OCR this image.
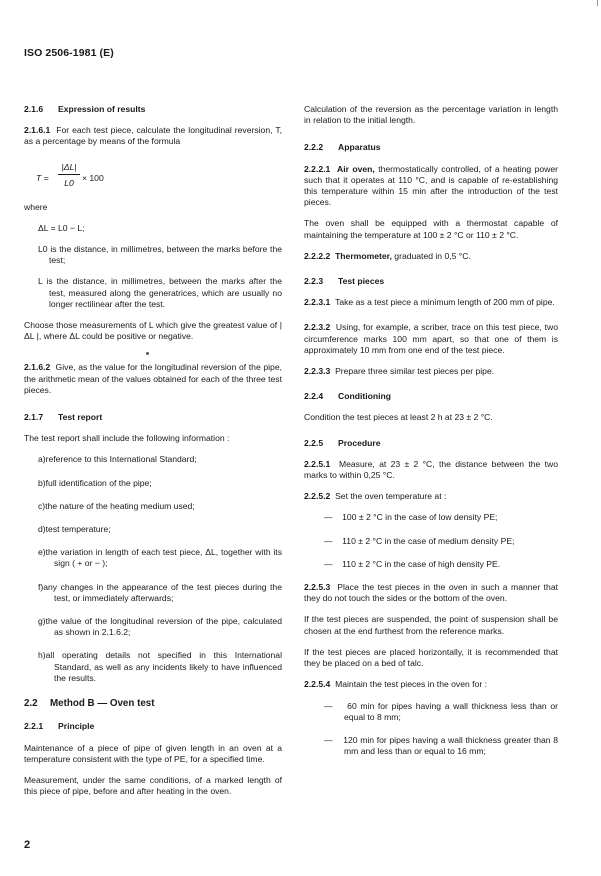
ISO 2506-1981 (E)
2.1.6 Expression of results

2.1.6.1 For each test piece, calculate the longitudinal reversion, T, as a percentage by means of the formula

$T = \frac{|\Delta L|}{L0} \times 100$

where

ΔL = L0 − L;

L0 is the distance, in millimetres, between the marks before the test;

L is the distance, in millimetres, between the marks after the test, measured along the generatrices, which are usually no longer rectilinear after the test.

Choose those measurements of L which give the greatest value of | ΔL |, where ΔL could be positive or negative.

2.1.6.2 Give, as the value for the longitudinal reversion of the pipe, the arithmetic mean of the values obtained for each of the three test pieces.

2.1.7 Test report

The test report shall include the following information :

a)reference to this International Standard;
b)full identification of the pipe;
c)the nature of the heating medium used;
d)test temperature;
e)the variation in length of each test piece, ΔL, together with its sign ( + or − );
f)any changes in the appearance of the test pieces during the test, or immediately afterwards;
g)the value of the longitudinal reversion of the pipe, calculated as shown in 2.1.6.2;
h)all operating details not specified in this International Standard, as well as any incidents likely to have influenced the results.
2.2 Method B — Oven test
2.2.1 Principle

Maintenance of a piece of pipe of given length in an oven at a temperature consistent with the type of PE, for a specified time.

Measurement, under the same conditions, of a marked length of this piece of pipe, before and after heating in the oven.

Calculation of the reversion as the percentage variation in length in relation to the initial length.

2.2.2 Apparatus

2.2.2.1 Air oven, thermostatically controlled, of a heating power such that it operates at 110 °C, and is capable of re-establishing this temperature within 15 min after the introduction of the test pieces.

The oven shall be equipped with a thermostat capable of maintaining the temperature at 100 ± 2 °C or 110 ± 2 °C.

2.2.2.2 Thermometer, graduated in 0,5 °C.

2.2.3 Test pieces

2.2.3.1 Take as a test piece a minimum length of 200 mm of pipe.

2.2.3.2 Using, for example, a scriber, trace on this test piece, two circumference marks 100 mm apart, so that one of them is approximately 10 mm from one end of the test piece.

2.2.3.3 Prepare three similar test pieces per pipe.

2.2.4 Conditioning

Condition the test pieces at least 2 h at 23 ± 2 °C.

2.2.5 Procedure

2.2.5.1 Measure, at 23 ± 2 °C, the distance between the two marks to within 0,25 °C.

2.2.5.2 Set the oven temperature at :

— 100 ± 2 °C in the case of low density PE;
— 110 ± 2 °C in the case of medium density PE;
— 110 ± 2 °C in the case of high density PE.

2.2.5.3 Place the test pieces in the oven in such a manner that they do not touch the sides or the bottom of the oven.

If the test pieces are suspended, the point of suspension shall be chosen at the end furthest from the reference marks.

If the test pieces are placed horizontally, it is recommended that they be placed on a bed of talc.

2.2.5.4 Maintain the test pieces in the oven for :

— 60 min for pipes having a wall thickness less than or equal to 8 mm;
— 120 min for pipes having a wall thickness greater than 8 mm and less than or equal to 16 mm;
2
